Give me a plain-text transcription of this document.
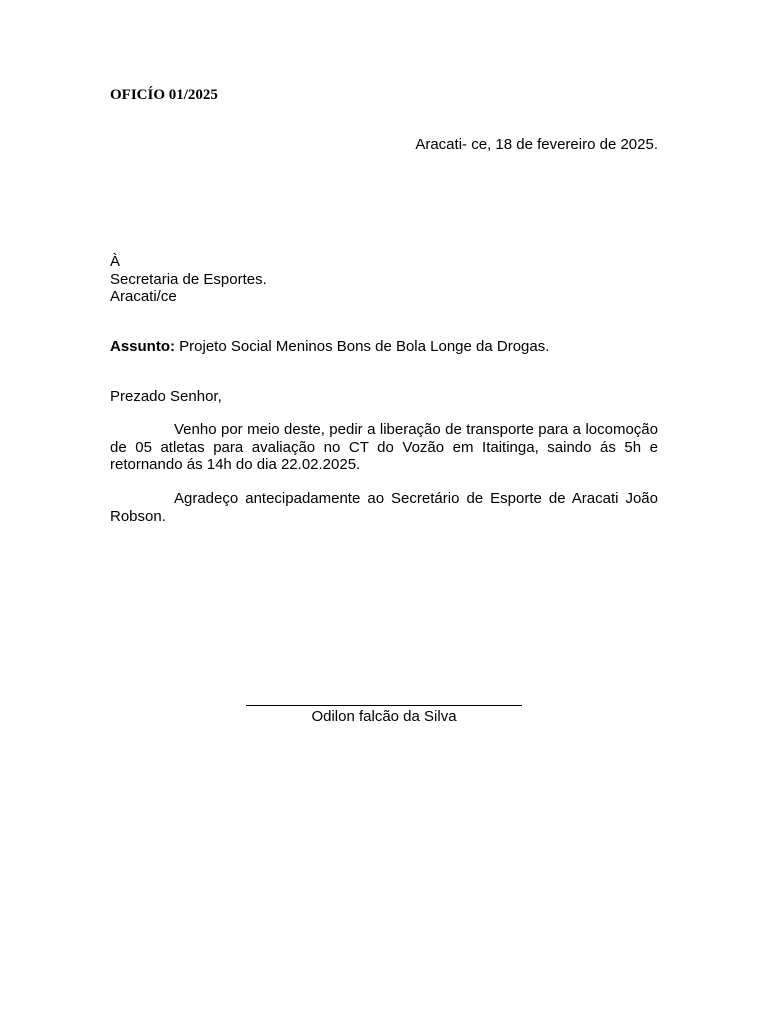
OFICÍO 01/2025
Aracati- ce, 18 de fevereiro de 2025.
À
Secretaria de Esportes.
Aracati/ce
Assunto: Projeto Social Meninos Bons de Bola Longe da Drogas.
Prezado Senhor,
Venho por meio deste, pedir a liberação de transporte para a locomoção de 05 atletas para avaliação no CT do Vozão em Itaitinga, saindo ás 5h e retornando ás 14h do dia 22.02.2025.
Agradeço antecipadamente ao Secretário de Esporte de Aracati João Robson.
Odilon falcão da Silva
